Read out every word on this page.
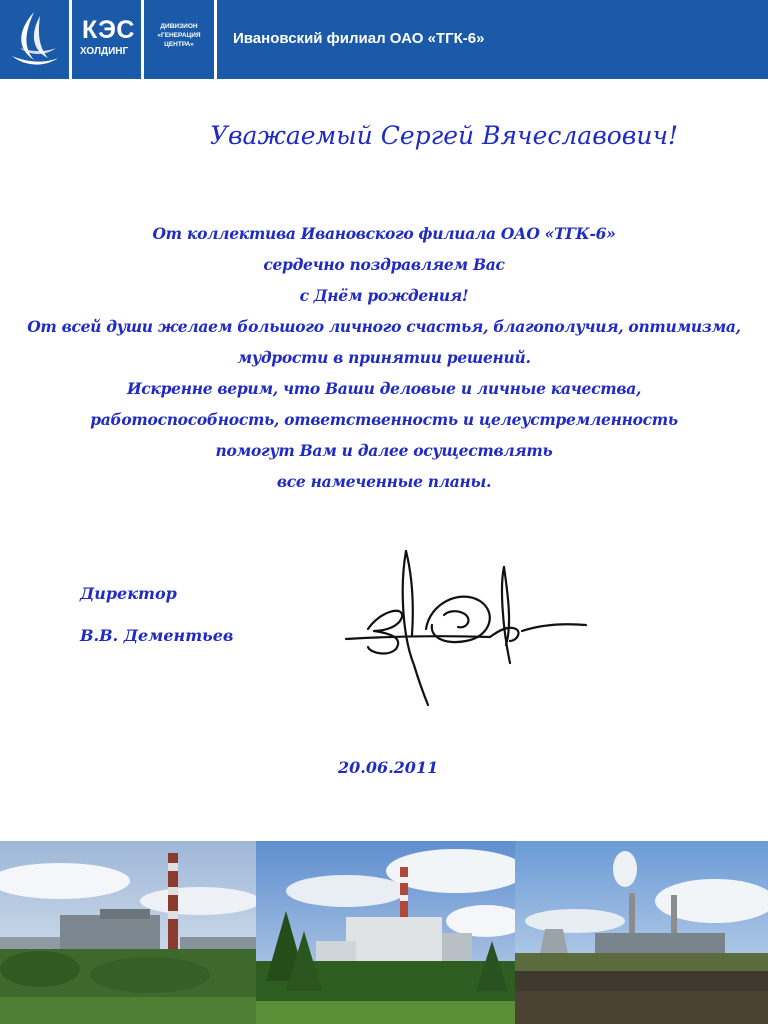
КЭС
ХОЛДИНГ
ДИВИЗИОН
«ГЕНЕРАЦИЯ
ЦЕНТРА»	Ивановский филиал ОАО «ТГК-6»
Уважаемый Сергей Вячеславович!
От коллектива Ивановского филиала ОАО «ТГК-6»
сердечно поздравляем Вас
с Днём рождения!
От всей души желаем большого личного счастья, благополучия, оптимизма,
мудрости в принятии решений.
Искренне верим, что Ваши деловые и личные качества,
работоспособность, ответственность и целеустремленность
помогут Вам и далее осуществлять
все намеченные планы.
Директор
В.В. Дементьев
20.06.2011
